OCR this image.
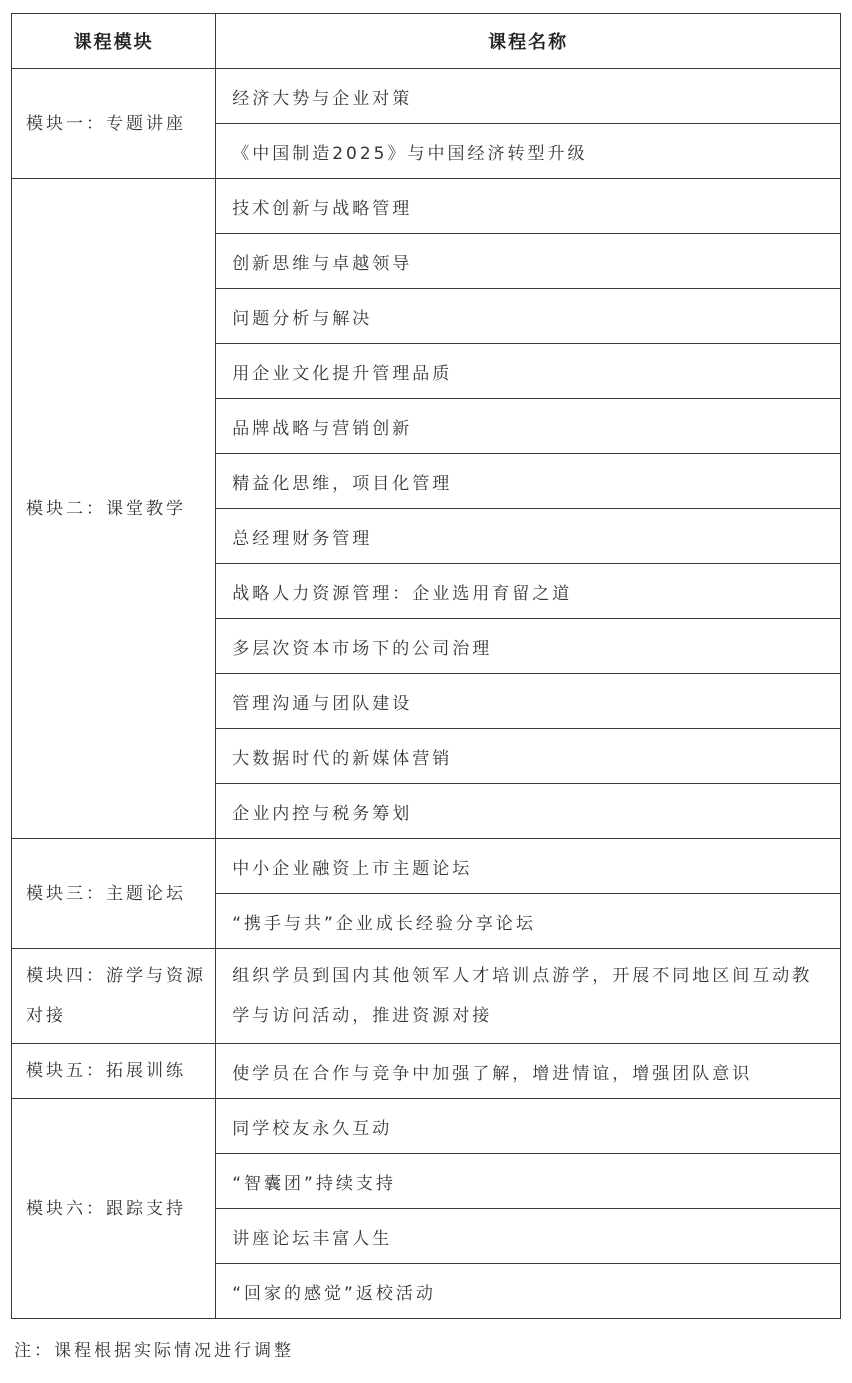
课程模块	课程名称
模块一：专题讲座	经济大势与企业对策
	《中国制造2025》与中国经济转型升级
模块二：课堂教学	技术创新与战略管理
	创新思维与卓越领导
	问题分析与解决
	用企业文化提升管理品质
	品牌战略与营销创新
	精益化思维，项目化管理
	总经理财务管理
	战略人力资源管理：企业选用育留之道
	多层次资本市场下的公司治理
	管理沟通与团队建设
	大数据时代的新媒体营销
	企业内控与税务筹划
模块三：主题论坛	中小企业融资上市主题论坛
	“携手与共”企业成长经验分享论坛
模块四：游学与资源对接	组织学员到国内其他领军人才培训点游学，开展不同地区间互动教学与访问活动，推进资源对接
模块五：拓展训练	使学员在合作与竞争中加强了解，增进情谊，增强团队意识
模块六：跟踪支持	同学校友永久互动
	“智囊团”持续支持
	讲座论坛丰富人生
	“回家的感觉”返校活动
注：课程根据实际情况进行调整
